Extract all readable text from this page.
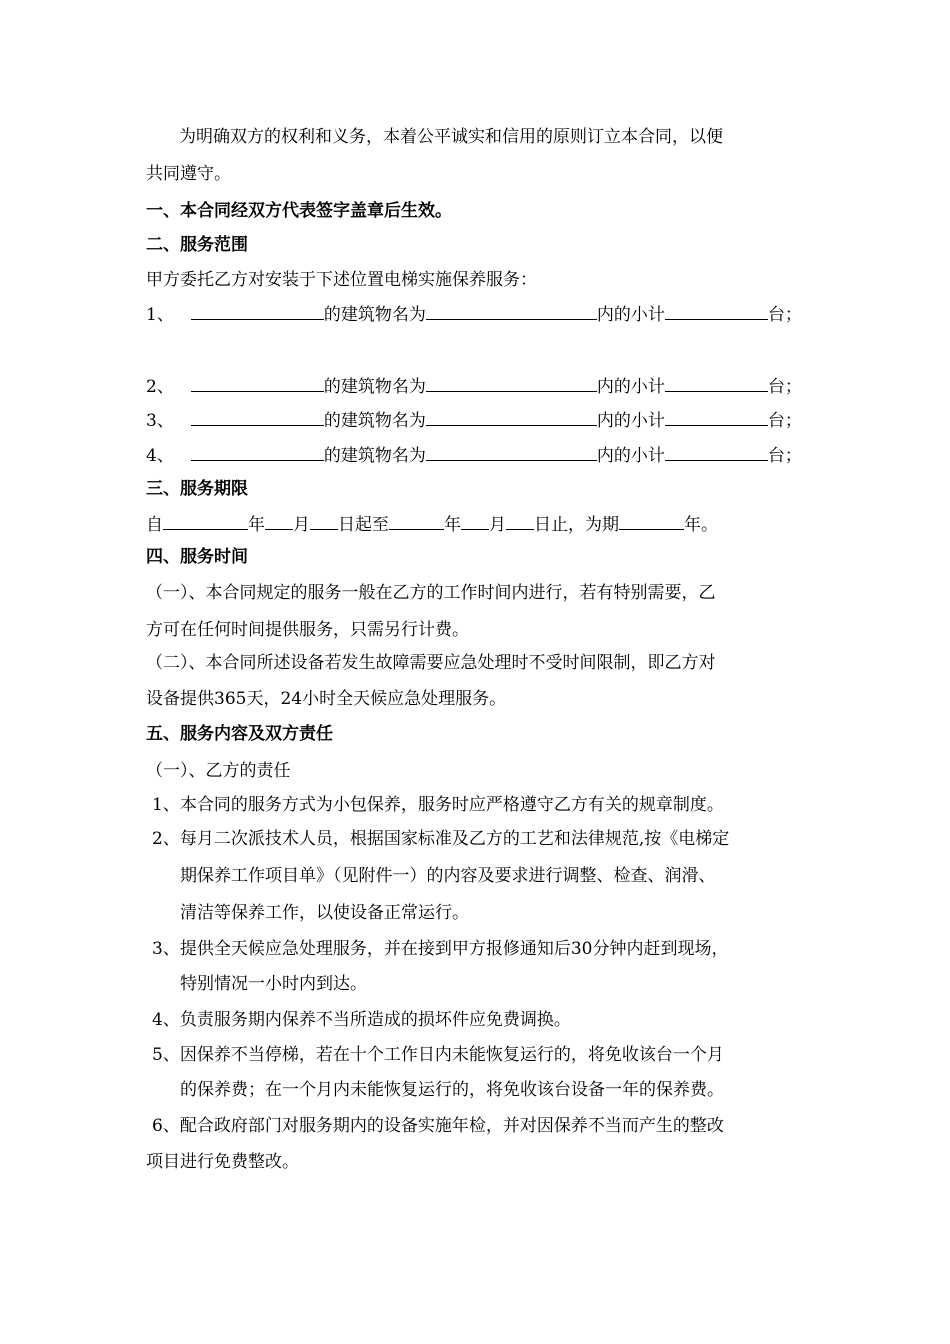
为明确双方的权利和义务，本着公平诚实和信用的原则订立本合同，以便
共同遵守。
一、本合同经双方代表签字盖章后生效。
二、服务范围
甲方委托乙方对安装于下述位置电梯实施保养服务：
1、	的建筑物名为	内的小计	台；
2、	的建筑物名为	内的小计	台；
3、	的建筑物名为	内的小计	台；
4、	的建筑物名为	内的小计	台；
三、服务期限
自	年 月 日起至	年 月 日止，为期	年。
四、服务时间
（一）、本合同规定的服务一般在乙方的工作时间内进行，若有特别需要，乙
方可在任何时间提供服务，只需另行计费。
（二）、本合同所述设备若发生故障需要应急处理时不受时间限制，即乙方对
设备提供365天，24小时全天候应急处理服务。
五、服务内容及双方责任
（一）、乙方的责任
1、本合同的服务方式为小包保养，服务时应严格遵守乙方有关的规章制度。
2、每月二次派技术人员，根据国家标准及乙方的工艺和法律规范,按《电梯定
期保养工作项目单》（见附件一）的内容及要求进行调整、检查、润滑、
清洁等保养工作，以使设备正常运行。
3、提供全天候应急处理服务，并在接到甲方报修通知后30分钟内赶到现场，
特别情况一小时内到达。
4、负责服务期内保养不当所造成的损坏件应免费调换。
5、因保养不当停梯，若在十个工作日内未能恢复运行的，将免收该台一个月
的保养费；在一个月内未能恢复运行的，将免收该台设备一年的保养费。
6、配合政府部门对服务期内的设备实施年检，并对因保养不当而产生的整改
项目进行免费整改。
